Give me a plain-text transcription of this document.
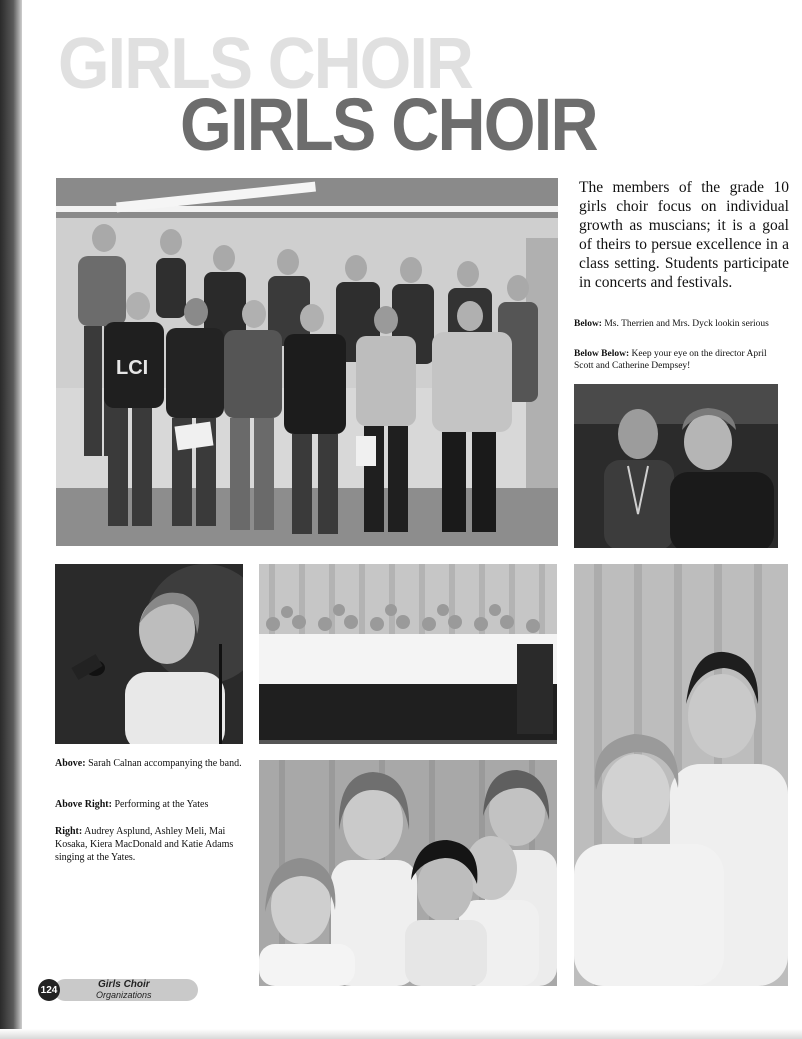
GIRLS CHOIR
GIRLS CHOIR
LCI
The members of the grade 10 girls choir focus on individual growth as muscians; it is a goal of theirs to persue excellence in a class setting. Students participate in concerts and festivals.
Below: Ms. Therrien and Mrs. Dyck lookin serious
Below Below: Keep your eye on the director April Scott and Catherine Dempsey!
Above: Sarah Calnan accompanying the band.
Above Right: Performing at the Yates
Right: Audrey Asplund, Ashley Meli, Mai Kosaka, Kiera MacDonald and Katie Adams singing at the Yates.
124	Girls Choir
Organizations
